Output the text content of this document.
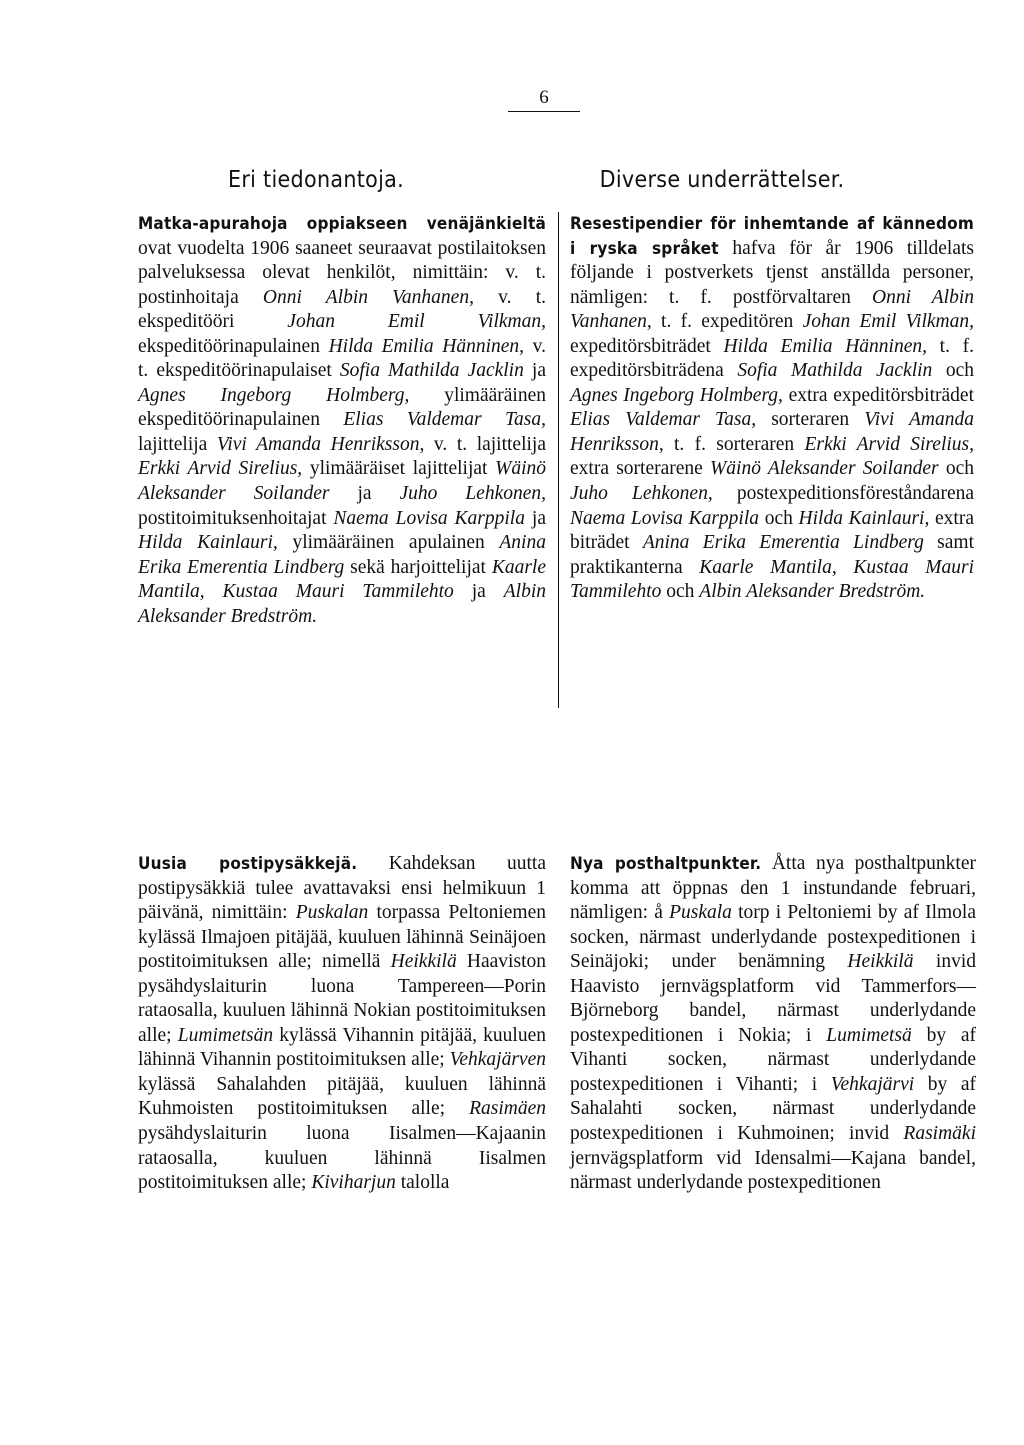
6
Eri tiedonantoja.	Diverse underrättelser.

Matka-apurahoja oppiakseen venäjänkieltä ovat vuodelta 1906 saaneet seuraavat postilaitoksen palveluksessa olevat henkilöt, nimittäin: v. t. postinhoitaja Onni Albin Vanhanen, v. t. ekspeditööri Johan Emil Vilkman, ekspeditöörinapulainen Hilda Emilia Hänninen, v. t. ekspeditöörinapulaiset Sofia Mathilda Jacklin ja Agnes Ingeborg Holmberg, ylimääräinen ekspeditöörinapulainen Elias Valdemar Tasa, lajittelija Vivi Amanda Henriksson, v. t. lajittelija Erkki Arvid Sirelius, ylimääräiset lajittelijat Wäinö Aleksander Soilander ja Juho Lehkonen, postitoimituksenhoitajat Naema Lovisa Karppila ja Hilda Kainlauri, ylimääräinen apulainen Anina Erika Emerentia Lindberg sekä harjoittelijat Kaarle Mantila, Kustaa Mauri Tammilehto ja Albin Aleksander Bredström.

Resestipendier för inhemtande af kännedom i ryska språket hafva för år 1906 tilldelats följande i postverkets tjenst anställda personer, nämligen: t. f. postförvaltaren Onni Albin Vanhanen, t. f. expeditören Johan Emil Vilkman, expeditörsbiträdet Hilda Emilia Hänninen, t. f. expeditörsbiträdena Sofia Mathilda Jacklin och Agnes Ingeborg Holmberg, extra expeditörsbiträdet Elias Valdemar Tasa, sorteraren Vivi Amanda Henriksson, t. f. sorteraren Erkki Arvid Sirelius, extra sorterarene Wäinö Aleksander Soilander och Juho Lehkonen, postexpeditionsföreståndarena Naema Lovisa Karppila och Hilda Kainlauri, extra biträdet Anina Erika Emerentia Lindberg samt praktikanterna Kaarle Mantila, Kustaa Mauri Tammilehto och Albin Aleksander Bredström.

Uusia postipysäkkejä. Kahdeksan uutta postipysäkkiä tulee avattavaksi ensi helmikuun 1 päivänä, nimittäin: Puskalan torpassa Peltoniemen kylässä Ilmajoen pitäjää, kuuluen lähinnä Seinäjoen postitoimituksen alle; nimellä Heikkilä Haaviston pysähdyslaiturin luona Tampereen—Porin rataosalla, kuuluen lähinnä Nokian postitoimituksen alle; Lumimetsän kylässä Vihannin pitäjää, kuuluen lähinnä Vihannin postitoimituksen alle; Vehkajärven kylässä Sahalahden pitäjää, kuuluen lähinnä Kuhmoisten postitoimituksen alle; Rasimäen pysähdyslaiturin luona Iisalmen—Kajaanin rataosalla, kuuluen lähinnä Iisalmen postitoimituksen alle; Kiviharjun talolla

Nya posthaltpunkter. Åtta nya posthaltpunkter komma att öppnas den 1 instundande februari, nämligen: å Puskala torp i Peltoniemi by af Ilmola socken, närmast underlydande postexpeditionen i Seinäjoki; under benämning Heikkilä invid Haavisto jernvägsplatform vid Tammerfors—Björneborg bandel, närmast underlydande postexpeditionen i Nokia; i Lumimetsä by af Vihanti socken, närmast underlydande postexpeditionen i Vihanti; i Vehkajärvi by af Sahalahti socken, närmast underlydande postexpeditionen i Kuhmoinen; invid Rasimäki jernvägsplatform vid Idensalmi—Kajana bandel, närmast underlydande postexpeditionen
